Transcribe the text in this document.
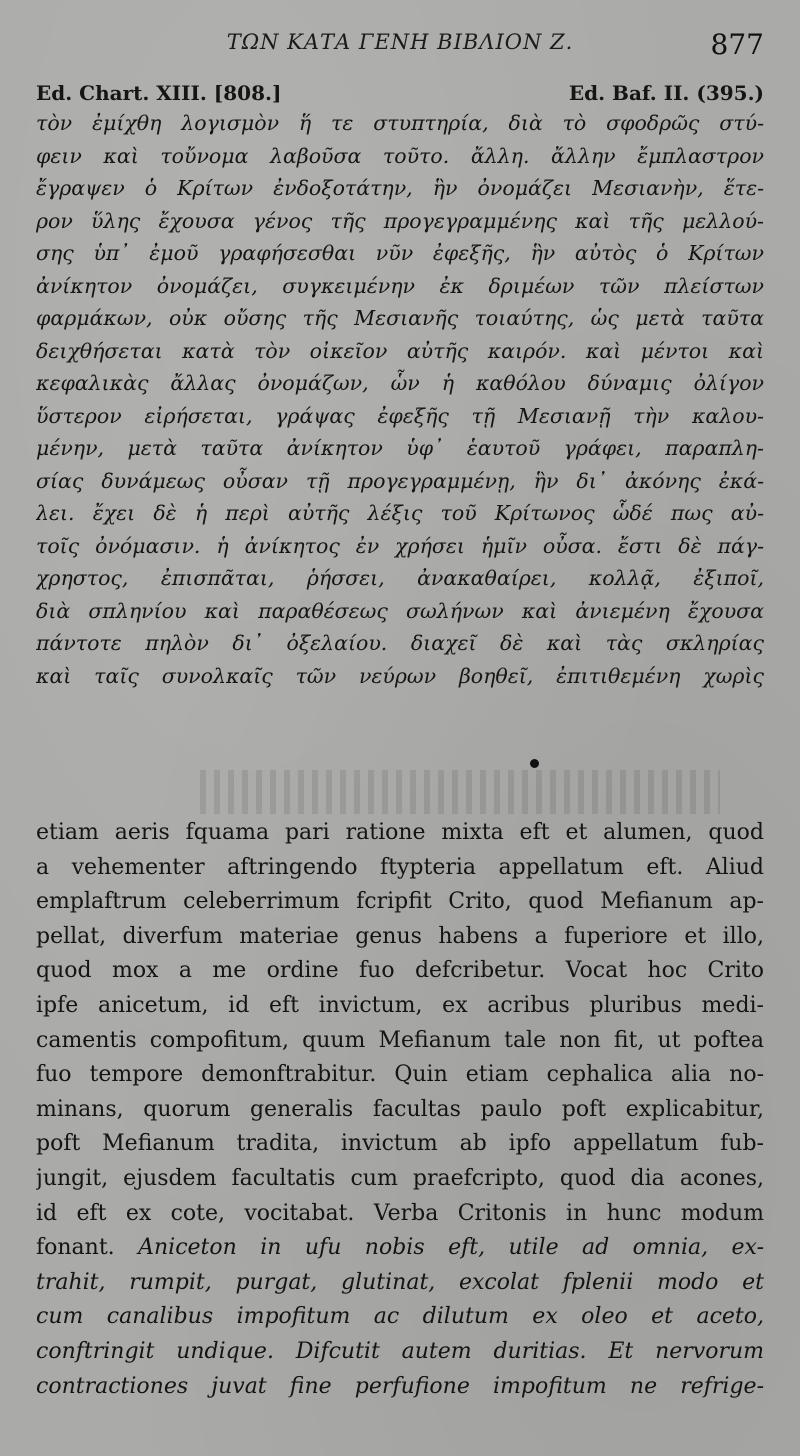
ΤΩΝ ΚΑΤΑ ΓΕΝΗ ΒΙΒΛΙΟΝ Ζ.	877
Ed. Chart. XIII. [808.]	Ed. Baf. II. (395.)
τὸν ἐμίχθη λογισμὸν ἥ τε στυπτηρία, διὰ τὸ σφοδρῶς στύ-
φειν καὶ τοὔνομα λαβοῦσα τοῦτο. ἄλλη. ἄλλην ἔμπλαστρον
ἔγραψεν ὁ Κρίτων ἐνδοξοτάτην, ἣν ὀνομάζει Μεσιανὴν, ἕτε-
ρον ὕλης ἔχουσα γένος τῆς προγεγραμμένης καὶ τῆς μελλού-
σης ὑπ᾿ ἐμοῦ γραφήσεσθαι νῦν ἐφεξῆς, ἣν αὐτὸς ὁ Κρίτων
ἀνίκητον ὀνομάζει, συγκειμένην ἐκ δριμέων τῶν πλείστων
φαρμάκων, οὐκ οὔσης τῆς Μεσιανῆς τοιαύτης, ὡς μετὰ ταῦτα
δειχθήσεται κατὰ τὸν οἰκεῖον αὐτῆς καιρόν. καὶ μέντοι καὶ
κεφαλικὰς ἄλλας ὀνομάζων, ὧν ἡ καθόλου δύναμις ὀλίγον
ὕστερον εἰρήσεται, γράψας ἐφεξῆς τῇ Μεσιανῇ τὴν καλου-
μένην, μετὰ ταῦτα ἀνίκητον ὑφ᾿ ἑαυτοῦ γράφει, παραπλη-
σίας δυνάμεως οὖσαν τῇ προγεγραμμένῃ, ἣν δι᾿ ἀκόνης ἐκά-
λει. ἔχει δὲ ἡ περὶ αὐτῆς λέξις τοῦ Κρίτωνος ὧδέ πως αὐ-
τοῖς ὀνόμασιν. ἡ ἀνίκητος ἐν χρήσει ἡμῖν οὖσα. ἔστι δὲ πάγ-
χρηστος, ἐπισπᾶται, ῥήσσει, ἀνακαθαίρει, κολλᾷ, ἐξιποῖ,
διὰ σπληνίου καὶ παραθέσεως σωλήνων καὶ ἀνιεμένη ἔχουσα
πάντοτε πηλὸν δι᾿ ὀξελαίου. διαχεῖ δὲ καὶ τὰς σκληρίας
καὶ ταῖς συνολκαῖς τῶν νεύρων βοηθεῖ, ἐπιτιθεμένη χωρὶς
etiam aeris fquama pari ratione mixta eft et alumen, quod
a vehementer aftringendo ftypteria appellatum eft. Aliud
emplaftrum celeberrimum fcripfit Crito, quod Mefianum ap-
pellat, diverfum materiae genus habens a fuperiore et illo,
quod mox a me ordine fuo defcribetur. Vocat hoc Crito
ipfe anicetum, id eft invictum, ex acribus pluribus medi-
camentis compofitum, quum Mefianum tale non fit, ut poftea
fuo tempore demonftrabitur. Quin etiam cephalica alia no-
minans, quorum generalis facultas paulo poft explicabitur,
poft Mefianum tradita, invictum ab ipfo appellatum fub-
jungit, ejusdem facultatis cum praefcripto, quod dia acones,
id eft ex cote, vocitabat. Verba Critonis in hunc modum
fonant. Aniceton in ufu nobis eft, utile ad omnia, ex-
trahit, rumpit, purgat, glutinat, excolat fplenii modo et
cum canalibus impofitum ac dilutum ex oleo et aceto,
conftringit undique. Difcutit autem duritias. Et nervorum
contractiones juvat fine perfufione impofitum ne refrige-
